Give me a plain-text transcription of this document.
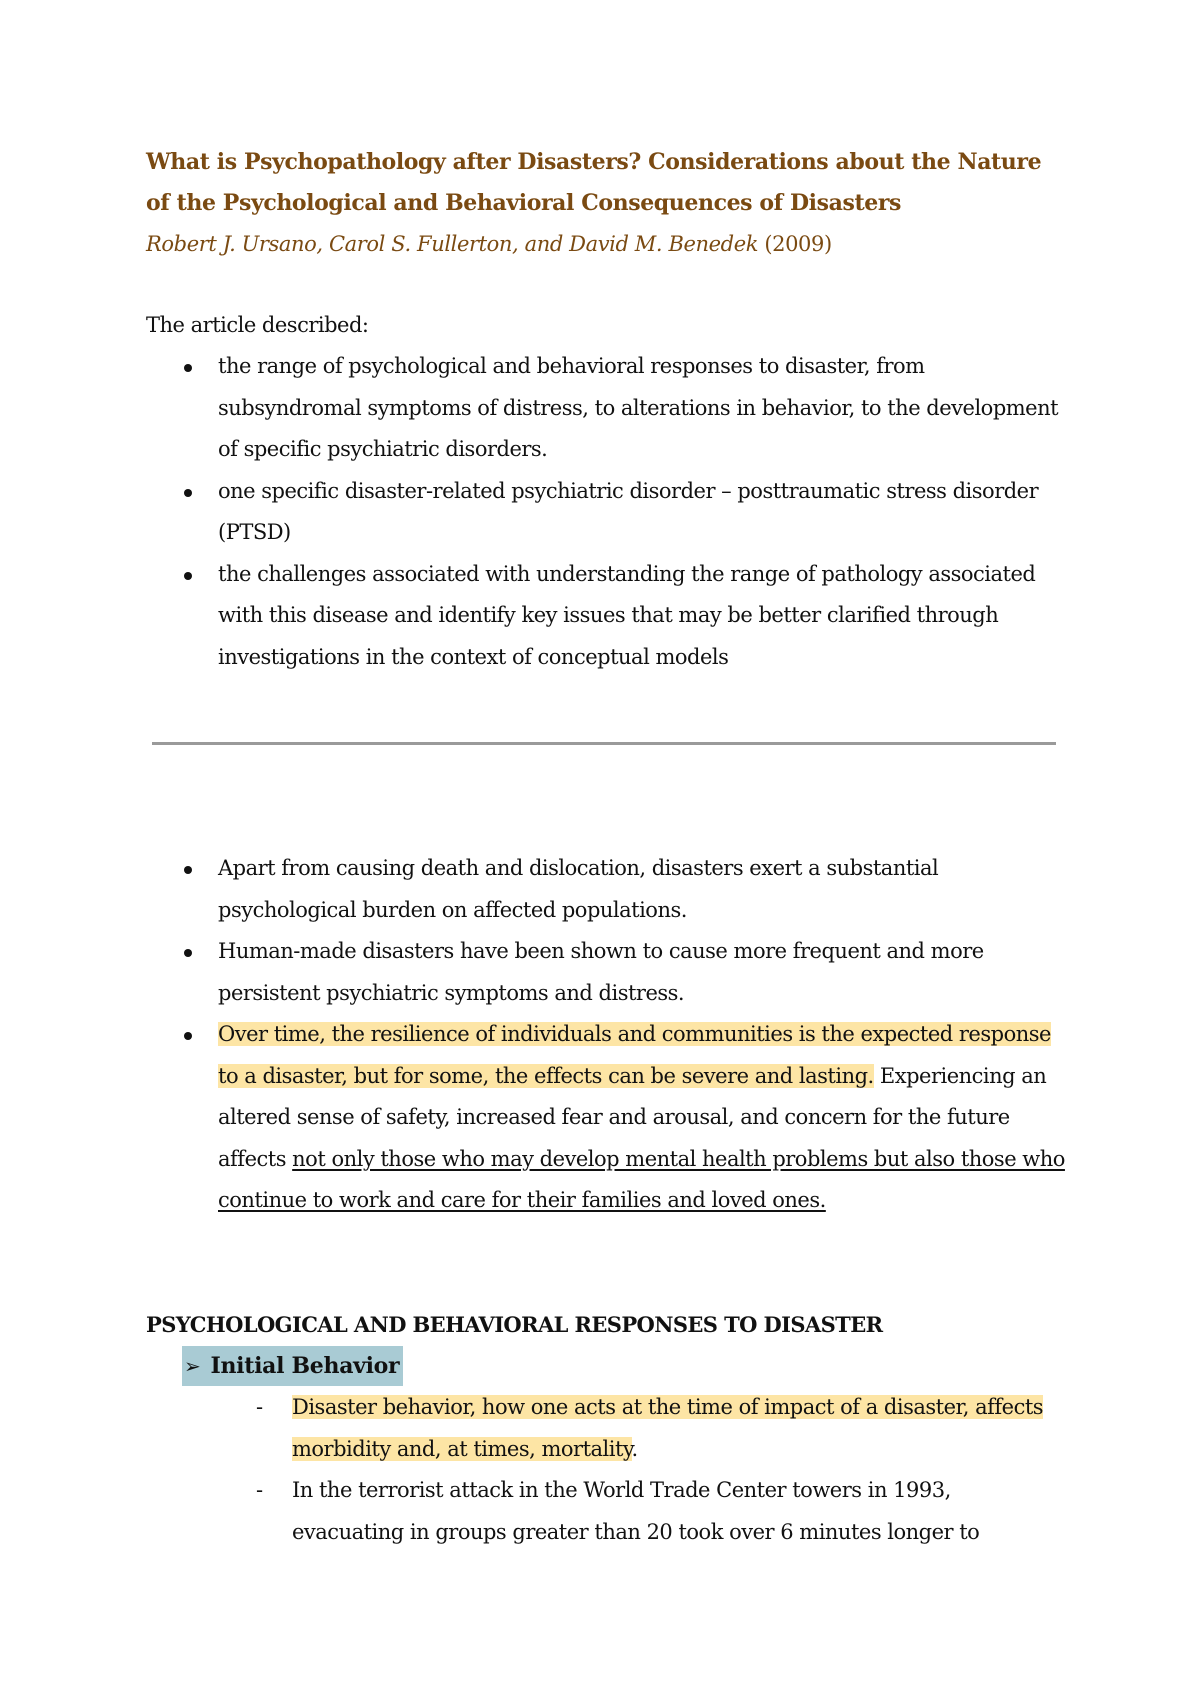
What is Psychopathology after Disasters? Considerations about the Nature of the Psychological and Behavioral Consequences of Disasters
Robert J. Ursano, Carol S. Fullerton, and David M. Benedek (2009)
The article described:
the range of psychological and behavioral responses to disaster, from subsyndromal symptoms of distress, to alterations in behavior, to the development of specific psychiatric disorders.
one specific disaster-related psychiatric disorder – posttraumatic stress disorder (PTSD)
the challenges associated with understanding the range of pathology associated with this disease and identify key issues that may be better clarified through investigations in the context of conceptual models
Apart from causing death and dislocation, disasters exert a substantial psychological burden on affected populations.
Human-made disasters have been shown to cause more frequent and more persistent psychiatric symptoms and distress.
Over time, the resilience of individuals and communities is the expected response to a disaster, but for some, the effects can be severe and lasting. Experiencing an altered sense of safety, increased fear and arousal, and concern for the future affects not only those who may develop mental health problems but also those who continue to work and care for their families and loved ones.
PSYCHOLOGICAL AND BEHAVIORAL RESPONSES TO DISASTER
➢ Initial Behavior
- Disaster behavior, how one acts at the time of impact of a disaster, affects morbidity and, at times, mortality.
- In the terrorist attack in the World Trade Center towers in 1993, evacuating in groups greater than 20 took over 6 minutes longer to
